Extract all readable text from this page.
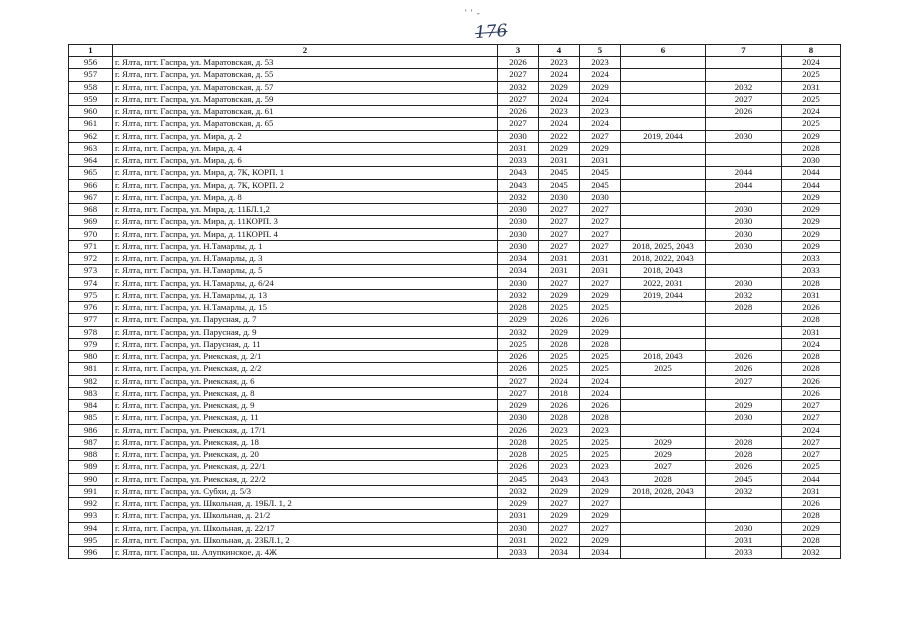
' ' -
176
1	2	3	4	5	6	7	8
956	г. Ялта, пгт. Гаспра, ул. Маратовская, д. 53	2026	2023	2023			2024
957	г. Ялта, пгт. Гаспра, ул. Маратовская, д. 55	2027	2024	2024			2025
958	г. Ялта, пгт. Гаспра, ул. Маратовская, д. 57	2032	2029	2029		2032	2031
959	г. Ялта, пгт. Гаспра, ул. Маратовская, д. 59	2027	2024	2024		2027	2025
960	г. Ялта, пгт. Гаспра, ул. Маратовская, д. 61	2026	2023	2023		2026	2024
961	г. Ялта, пгт. Гаспра, ул. Маратовская, д. 65	2027	2024	2024			2025
962	г. Ялта, пгт. Гаспра, ул. Мира, д. 2	2030	2022	2027	2019, 2044	2030	2029
963	г. Ялта, пгт. Гаспра, ул. Мира, д. 4	2031	2029	2029			2028
964	г. Ялта, пгт. Гаспра, ул. Мира, д. 6	2033	2031	2031			2030
965	г. Ялта, пгт. Гаспра, ул. Мира, д. 7К, КОРП. 1	2043	2045	2045		2044	2044
966	г. Ялта, пгт. Гаспра, ул. Мира, д. 7К, КОРП. 2	2043	2045	2045		2044	2044
967	г. Ялта, пгт. Гаспра, ул. Мира, д. 8	2032	2030	2030			2029
968	г. Ялта, пгт. Гаспра, ул. Мира, д. 11БЛ.1,2	2030	2027	2027		2030	2029
969	г. Ялта, пгт. Гаспра, ул. Мира, д. 11КОРП. 3	2030	2027	2027		2030	2029
970	г. Ялта, пгт. Гаспра, ул. Мира, д. 11КОРП. 4	2030	2027	2027		2030	2029
971	г. Ялта, пгт. Гаспра, ул. Н.Тамарлы, д. 1	2030	2027	2027	2018, 2025, 2043	2030	2029
972	г. Ялта, пгт. Гаспра, ул. Н.Тамарлы, д. 3	2034	2031	2031	2018, 2022, 2043		2033
973	г. Ялта, пгт. Гаспра, ул. Н.Тамарлы, д. 5	2034	2031	2031	2018, 2043		2033
974	г. Ялта, пгт. Гаспра, ул. Н.Тамарлы, д. 6/24	2030	2027	2027	2022, 2031	2030	2028
975	г. Ялта, пгт. Гаспра, ул. Н.Тамарлы, д. 13	2032	2029	2029	2019, 2044	2032	2031
976	г. Ялта, пгт. Гаспра, ул. Н.Тамарлы, д. 15	2028	2025	2025		2028	2026
977	г. Ялта, пгт. Гаспра, ул. Парусная, д. 7	2029	2026	2026			2028
978	г. Ялта, пгт. Гаспра, ул. Парусная, д. 9	2032	2029	2029			2031
979	г. Ялта, пгт. Гаспра, ул. Парусная, д. 11	2025	2028	2028			2024
980	г. Ялта, пгт. Гаспра, ул. Риекская, д. 2/1	2026	2025	2025	2018, 2043	2026	2028
981	г. Ялта, пгт. Гаспра, ул. Риекская, д. 2/2	2026	2025	2025	2025	2026	2028
982	г. Ялта, пгт. Гаспра, ул. Риекская, д. 6	2027	2024	2024		2027	2026
983	г. Ялта, пгт. Гаспра, ул. Риекская, д. 8	2027	2018	2024			2026
984	г. Ялта, пгт. Гаспра, ул. Риекская, д. 9	2029	2026	2026		2029	2027
985	г. Ялта, пгт. Гаспра, ул. Риекская, д. 11	2030	2028	2028		2030	2027
986	г. Ялта, пгт. Гаспра, ул. Риекская, д. 17/1	2026	2023	2023			2024
987	г. Ялта, пгт. Гаспра, ул. Риекская, д. 18	2028	2025	2025	2029	2028	2027
988	г. Ялта, пгт. Гаспра, ул. Риекская, д. 20	2028	2025	2025	2029	2028	2027
989	г. Ялта, пгт. Гаспра, ул. Риекская, д. 22/1	2026	2023	2023	2027	2026	2025
990	г. Ялта, пгт. Гаспра, ул. Риекская, д. 22/2	2045	2043	2043	2028	2045	2044
991	г. Ялта, пгт. Гаспра, ул. Субхи, д. 5/3	2032	2029	2029	2018, 2028, 2043	2032	2031
992	г. Ялта, пгт. Гаспра, ул. Школьная, д. 19БЛ. 1, 2	2029	2027	2027			2026
993	г. Ялта, пгт. Гаспра, ул. Школьная, д. 21/2	2031	2029	2029			2028
994	г. Ялта, пгт. Гаспра, ул. Школьная, д. 22/17	2030	2027	2027		2030	2029
995	г. Ялта, пгт. Гаспра, ул. Школьная, д. 23БЛ.1, 2	2031	2022	2029		2031	2028
996	г. Ялта, пгт. Гаспра, ш. Алупкинское, д. 4Ж	2033	2034	2034		2033	2032
